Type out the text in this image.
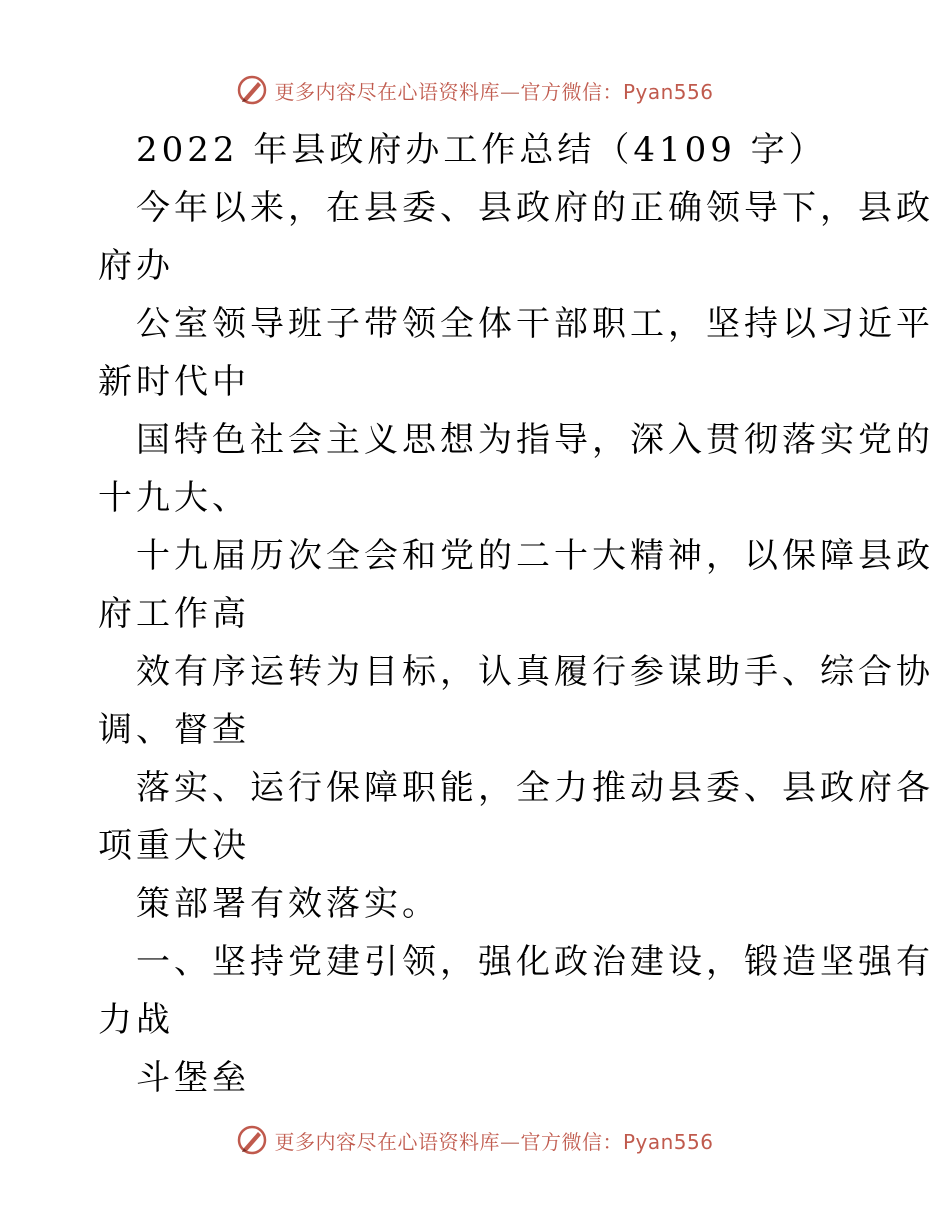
更多内容尽在心语资料库—官方微信：Pyan556
2022 年县政府办工作总结（4109 字）
今年以来，在县委、县政府的正确领导下，县政
府办
公室领导班子带领全体干部职工，坚持以习近平
新时代中
国特色社会主义思想为指导，深入贯彻落实党的
十九大、
十九届历次全会和党的二十大精神，以保障县政
府工作高
效有序运转为目标，认真履行参谋助手、综合协
调、督查
落实、运行保障职能，全力推动县委、县政府各
项重大决
策部署有效落实。
一、坚持党建引领，强化政治建设，锻造坚强有
力战
斗堡垒
更多内容尽在心语资料库—官方微信：Pyan556
